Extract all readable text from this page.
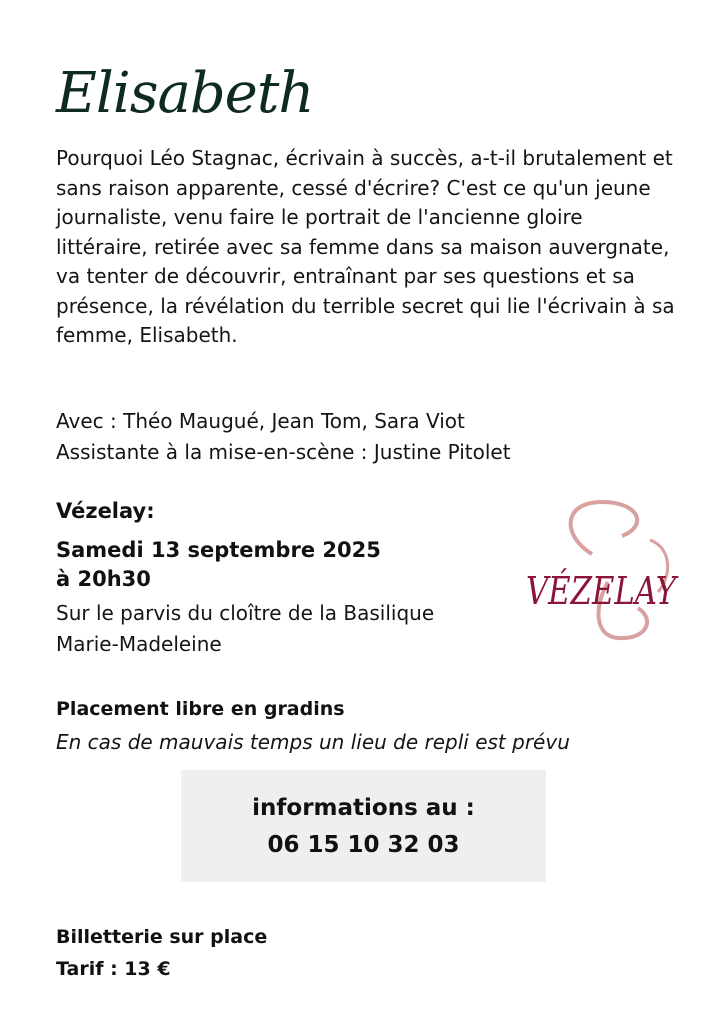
Elisabeth

Pourquoi Léo Stagnac, écrivain à succès, a-t-il brutalement et sans raison apparente, cessé d'écrire? C'est ce qu'un jeune journaliste, venu faire le portrait de l'ancienne gloire littéraire, retirée avec sa femme dans sa maison auvergnate, va tenter de découvrir, entraînant par ses questions et sa présence, la révélation du terrible secret qui lie l'écrivain à sa femme, Elisabeth.

Avec : Théo Maugué, Jean Tom, Sara Viot
Assistante à la mise-en-scène : Justine Pitolet
Vézelay:
Samedi 13 septembre 2025
à 20h30
Sur le parvis du cloître de la Basilique Marie-Madeleine
VÉZELAY
Placement libre en gradins
En cas de mauvais temps un lieu de repli est prévu
informations au :
06 15 10 32 03
Billetterie sur place
Tarif : 13 €
